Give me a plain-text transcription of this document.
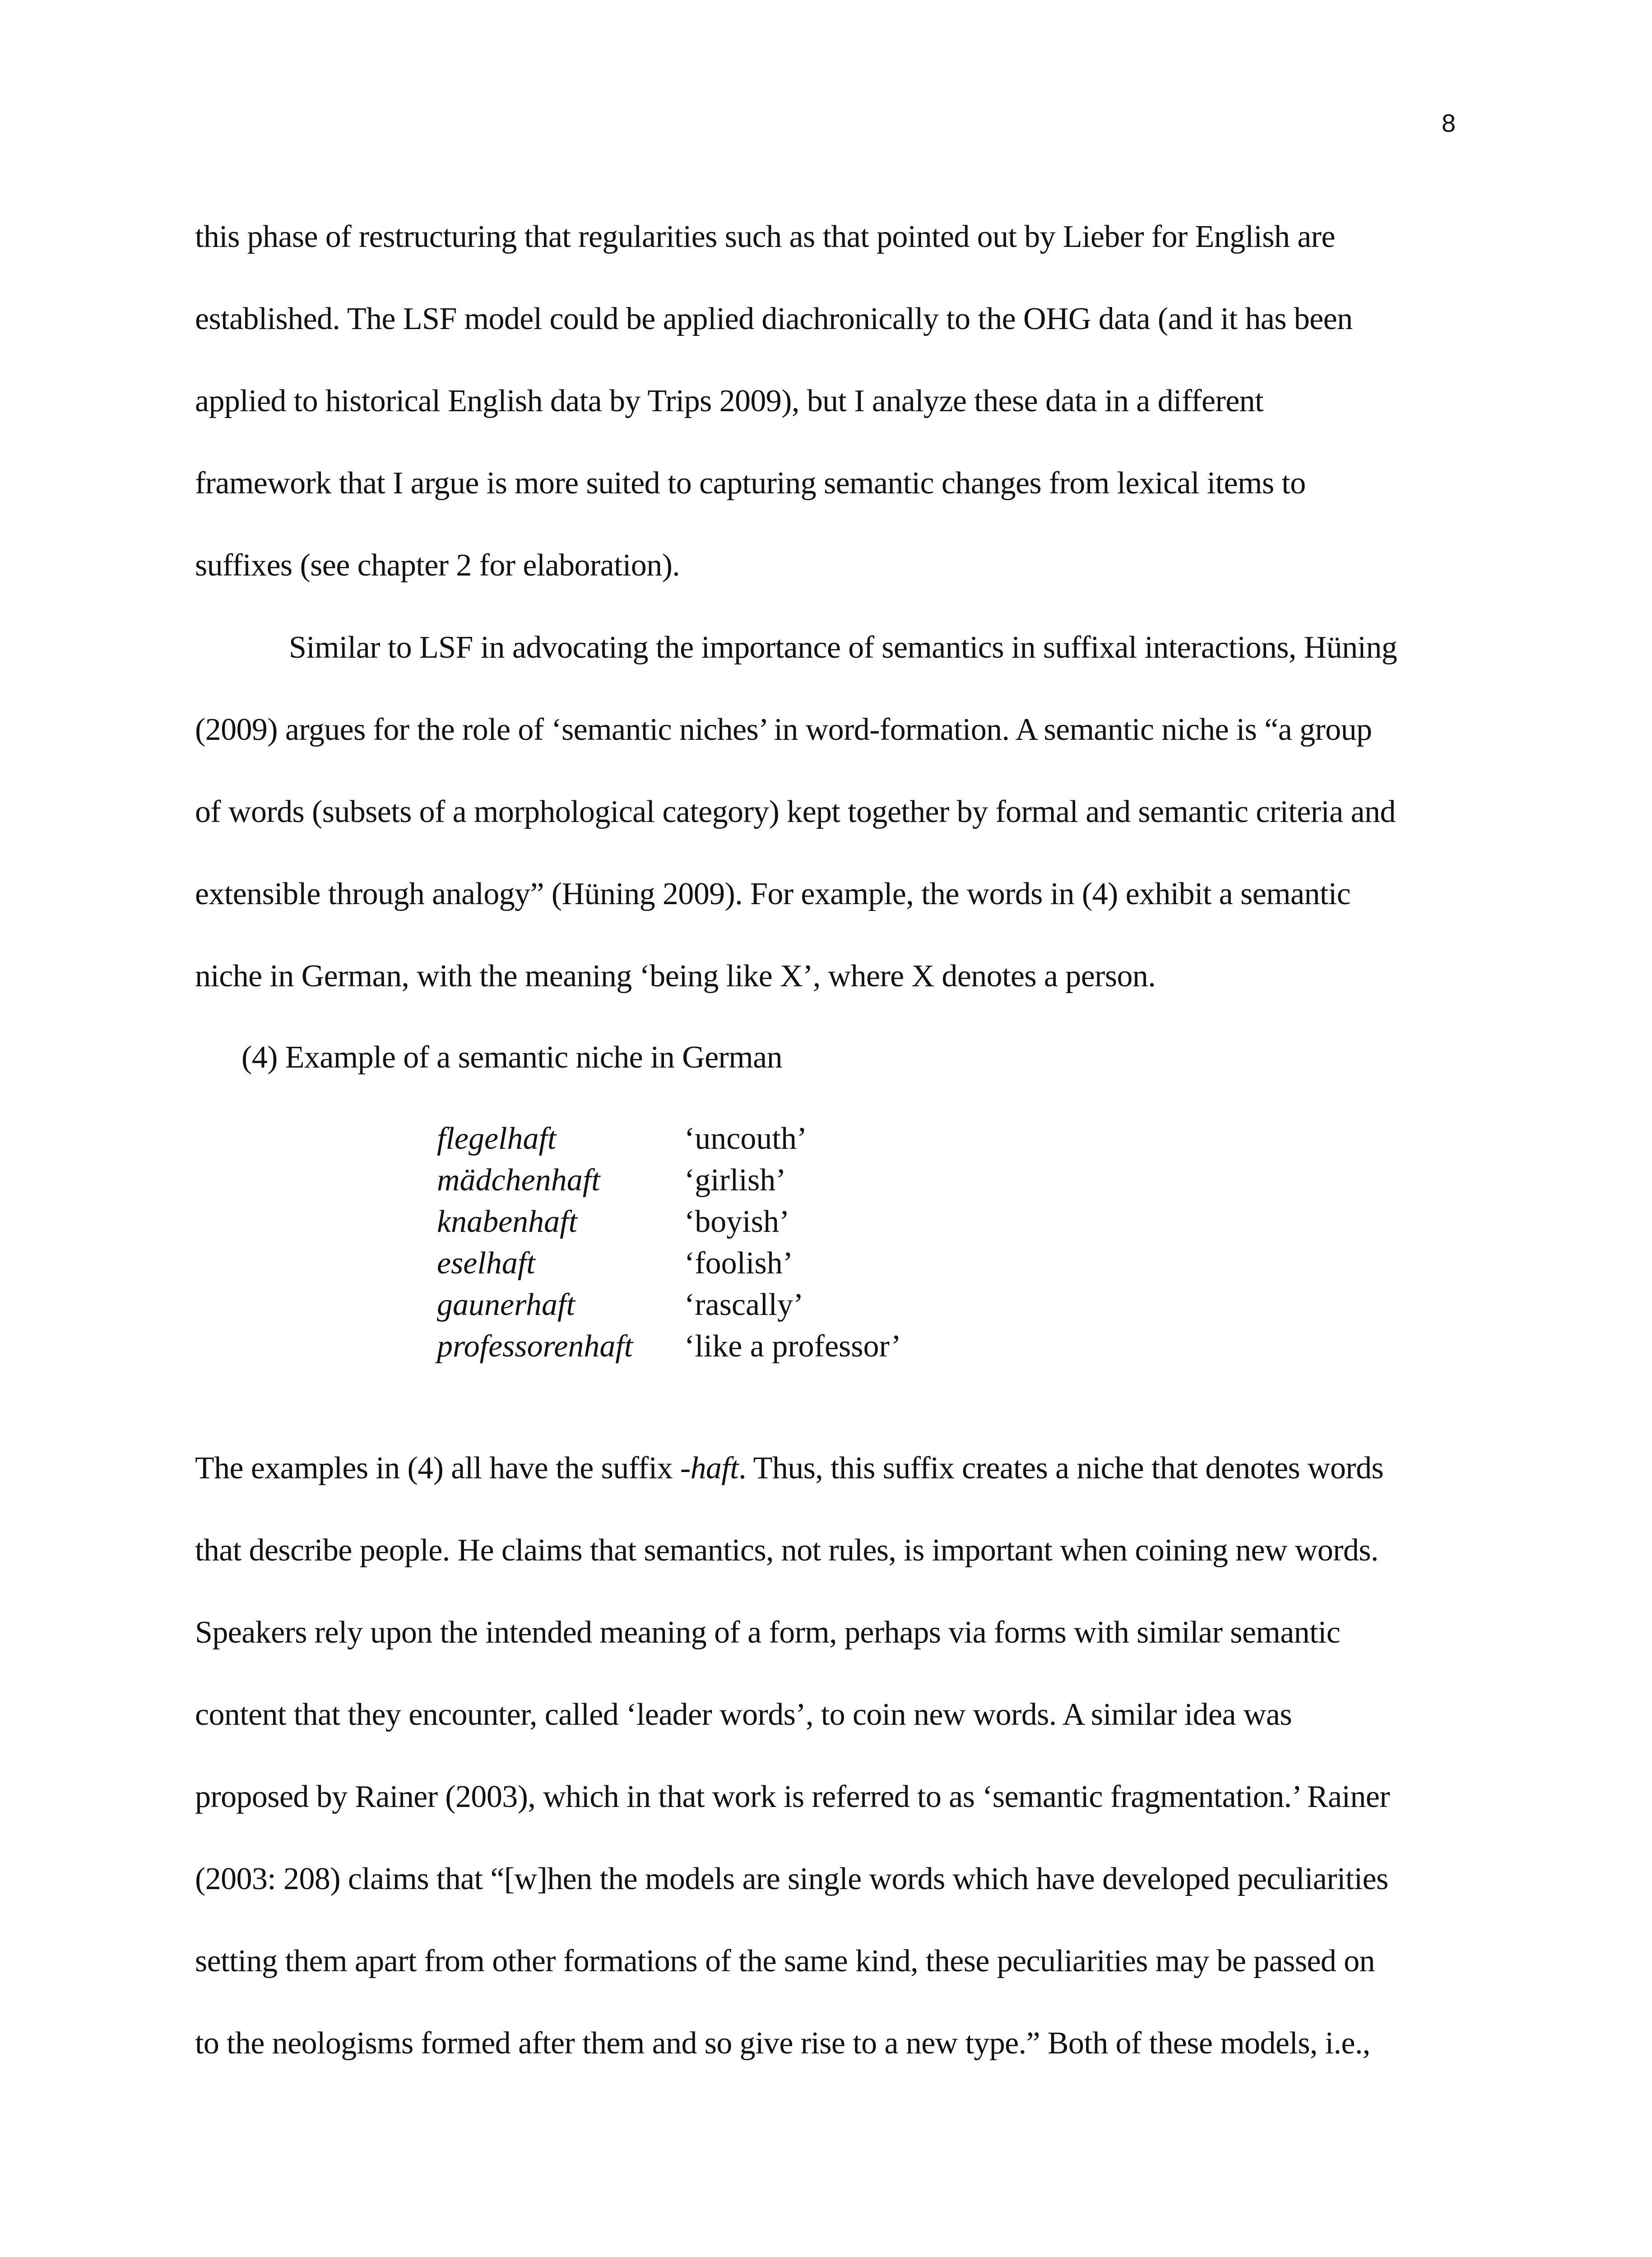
8
this phase of restructuring that regularities such as that pointed out by Lieber for English are
established. The LSF model could be applied diachronically to the OHG data (and it has been
applied to historical English data by Trips 2009), but I analyze these data in a different
framework that I argue is more suited to capturing semantic changes from lexical items to
suffixes (see chapter 2 for elaboration).
Similar to LSF in advocating the importance of semantics in suffixal interactions, Hüning
(2009) argues for the role of ‘semantic niches’ in word-formation. A semantic niche is “a group
of words (subsets of a morphological category) kept together by formal and semantic criteria and
extensible through analogy” (Hüning 2009). For example, the words in (4) exhibit a semantic
niche in German, with the meaning ‘being like X’, where X denotes a person.
(4) Example of a semantic niche in German
flegelhaft	‘uncouth’
mädchenhaft	‘girlish’
knabenhaft	‘boyish’
eselhaft	‘foolish’
gaunerhaft	‘rascally’
professorenhaft	‘like a professor’
The examples in (4) all have the suffix -haft. Thus, this suffix creates a niche that denotes words
that describe people. He claims that semantics, not rules, is important when coining new words.
Speakers rely upon the intended meaning of a form, perhaps via forms with similar semantic
content that they encounter, called ‘leader words’, to coin new words. A similar idea was
proposed by Rainer (2003), which in that work is referred to as ‘semantic fragmentation.’ Rainer
(2003: 208) claims that “[w]hen the models are single words which have developed peculiarities
setting them apart from other formations of the same kind, these peculiarities may be passed on
to the neologisms formed after them and so give rise to a new type.” Both of these models, i.e.,
